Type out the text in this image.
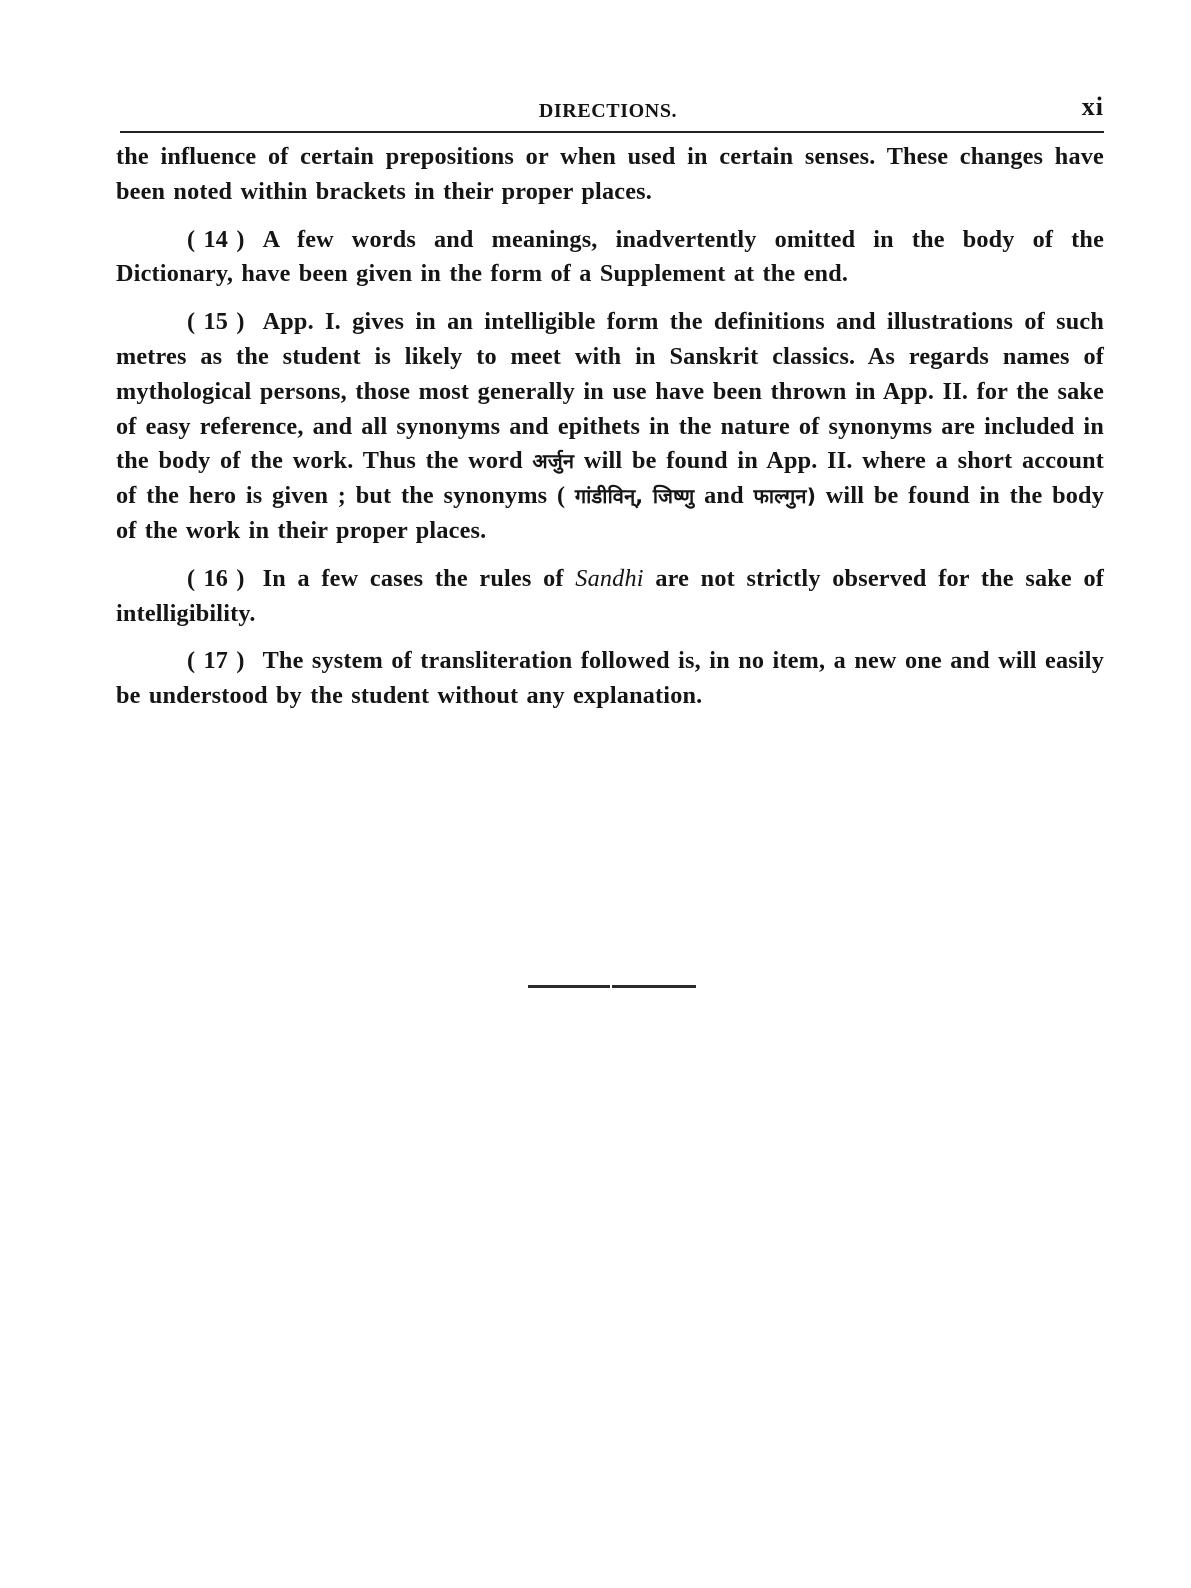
DIRECTIONS.	xi

the influence of certain prepositions or when used in certain senses. These changes have been noted within brackets in their proper places.

( 14 ) A few words and meanings, inadvertently omitted in the body of the Dictionary, have been given in the form of a Supplement at the end.

( 15 ) App. I. gives in an intelligible form the definitions and illustrations of such metres as the student is likely to meet with in Sanskrit classics. As regards names of mythological persons, those most generally in use have been thrown in App. II. for the sake of easy reference, and all synonyms and epithets in the nature of synonyms are included in the body of the work. Thus the word अर्जुन will be found in App. II. where a short account of the hero is given ; but the synonyms ( गांडीविन्, जिष्णु and फाल्गुन) will be found in the body of the work in their proper places.

( 16 ) In a few cases the rules of Sandhi are not strictly observed for the sake of intelligibility.

( 17 ) The system of transliteration followed is, in no item, a new one and will easily be understood by the student without any explanation.
